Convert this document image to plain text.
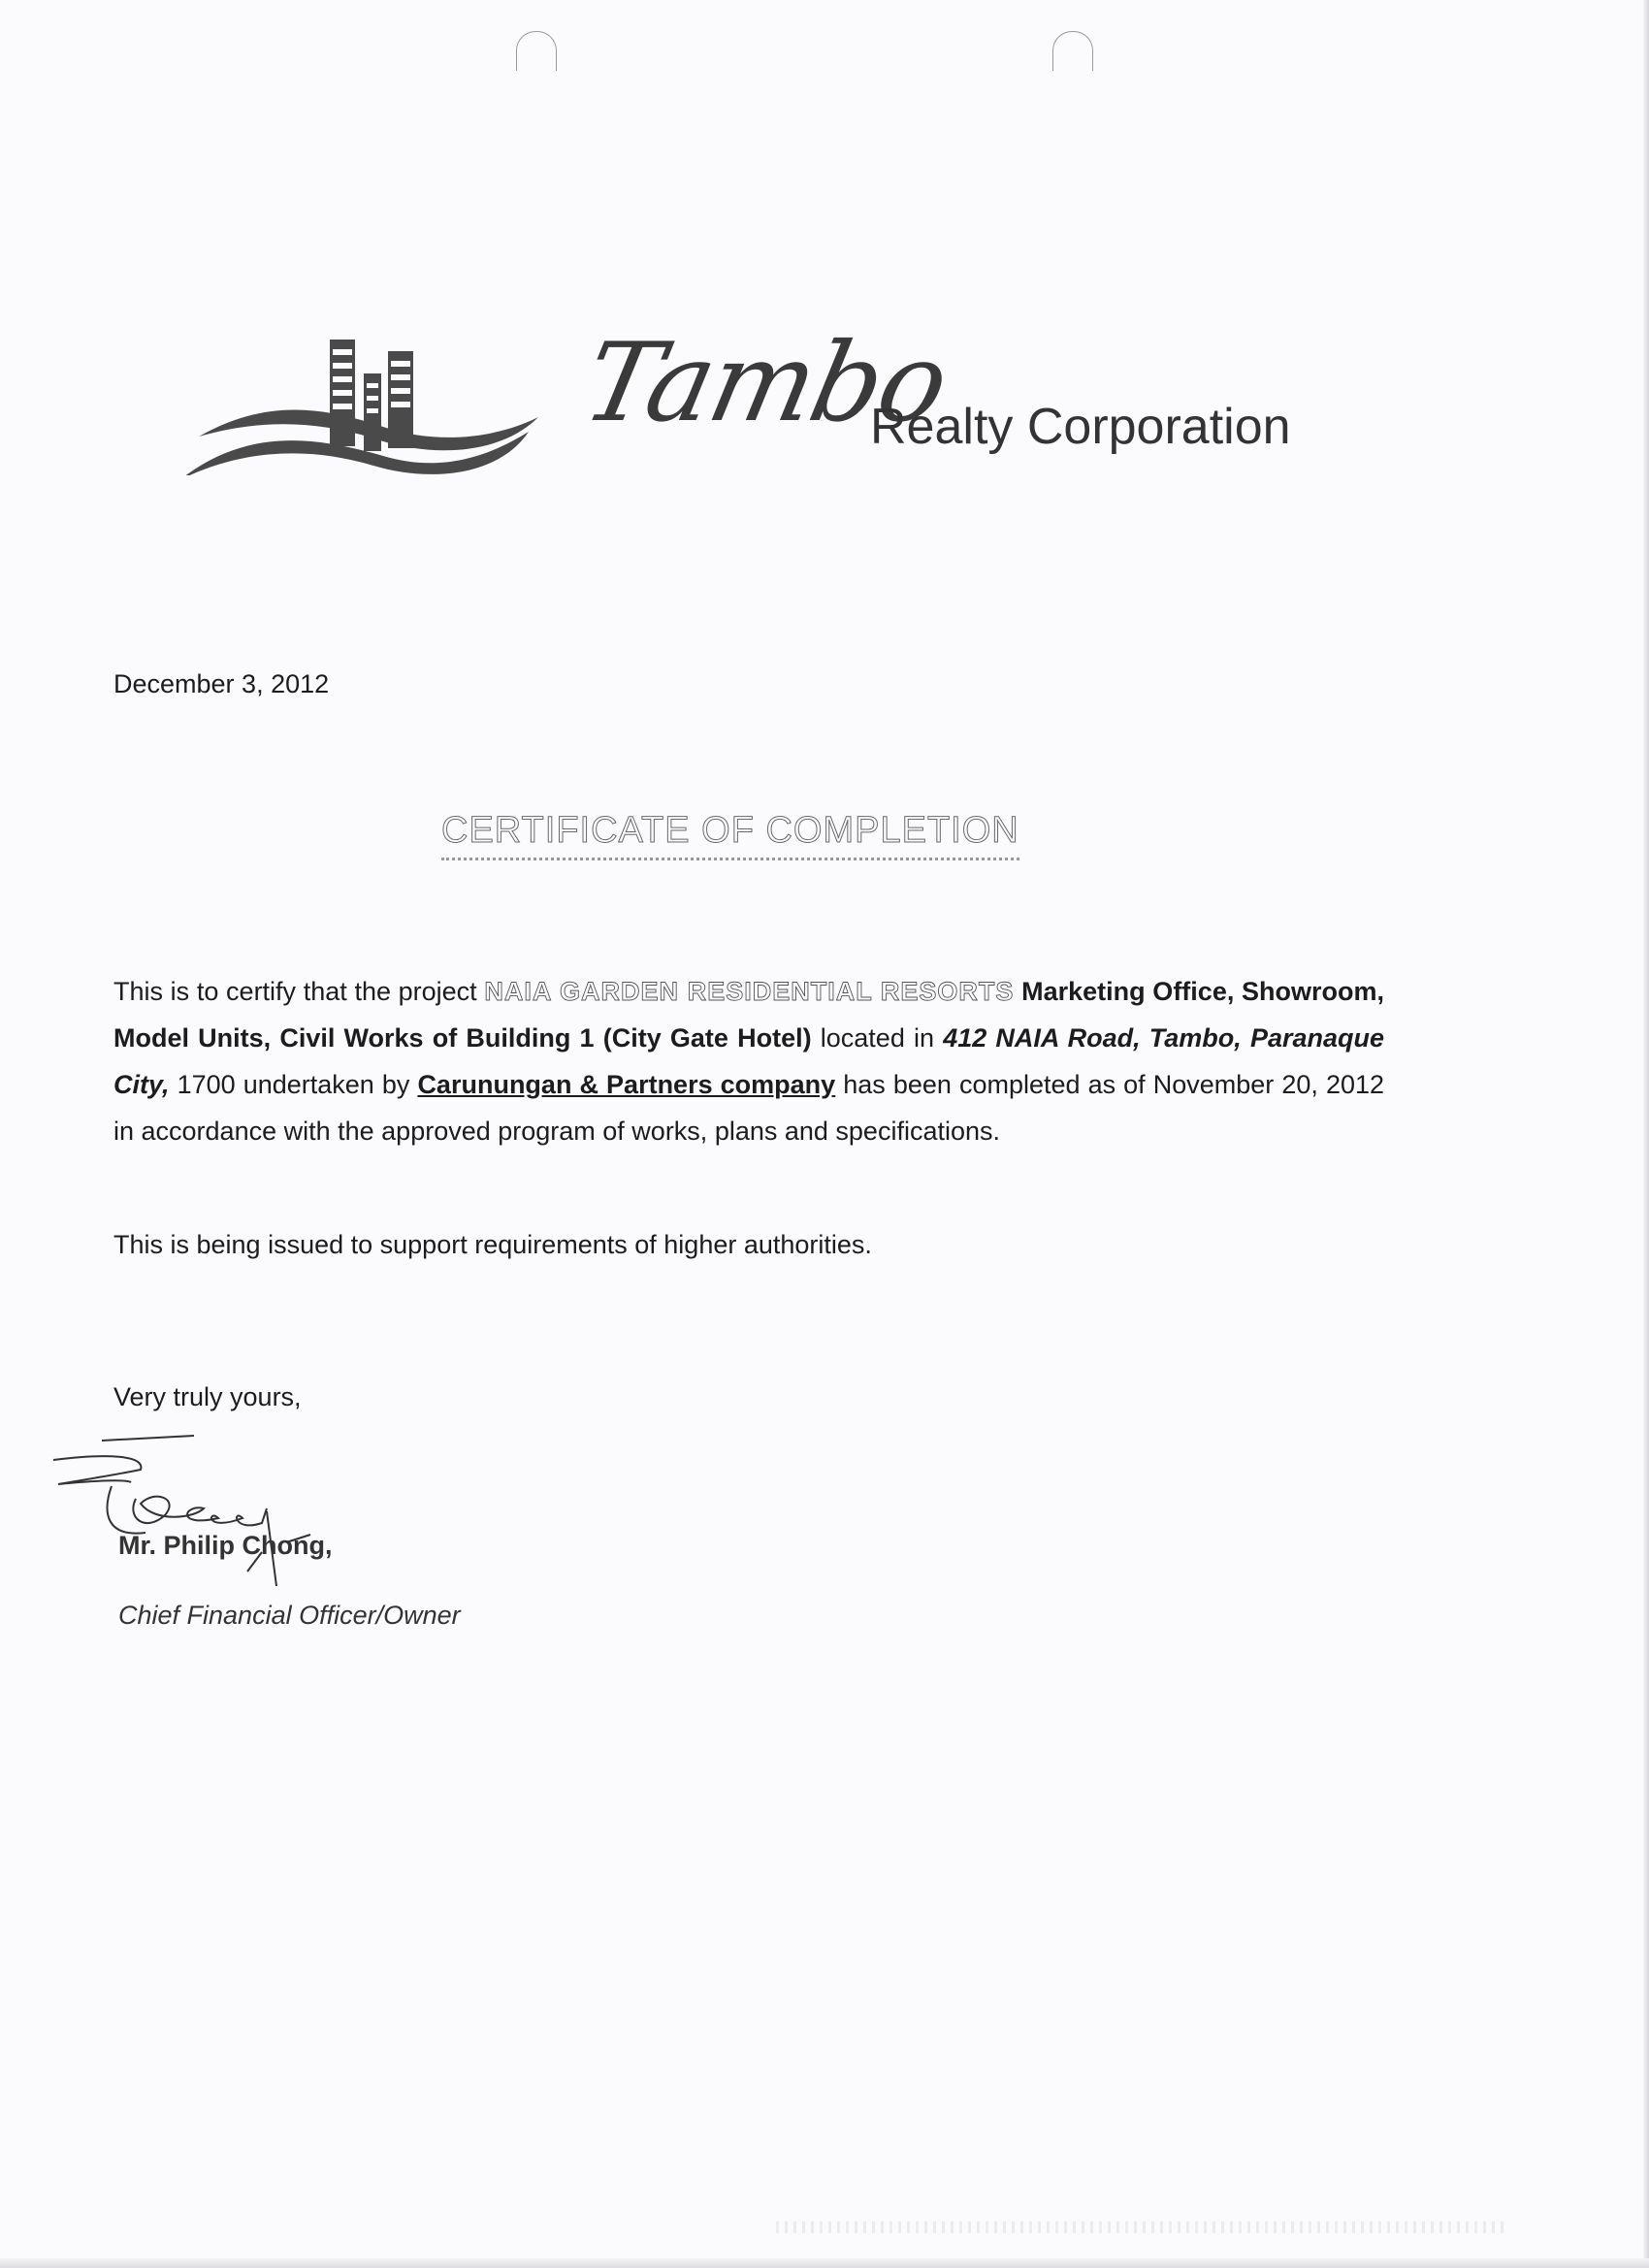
Tambo
Realty Corporation
December 3, 2012
CERTIFICATE OF COMPLETION
This is to certify that the project NAIA GARDEN RESIDENTIAL RESORTS Marketing Office, Showroom, Model Units, Civil Works of Building 1 (City Gate Hotel) located in 412 NAIA Road, Tambo, Paranaque City, 1700 undertaken by Carunungan & Partners company has been completed as of November 20, 2012 in accordance with the approved program of works, plans and specifications.
This is being issued to support requirements of higher authorities.
Very truly yours,
Mr. Philip Chong,
Chief Financial Officer/Owner
